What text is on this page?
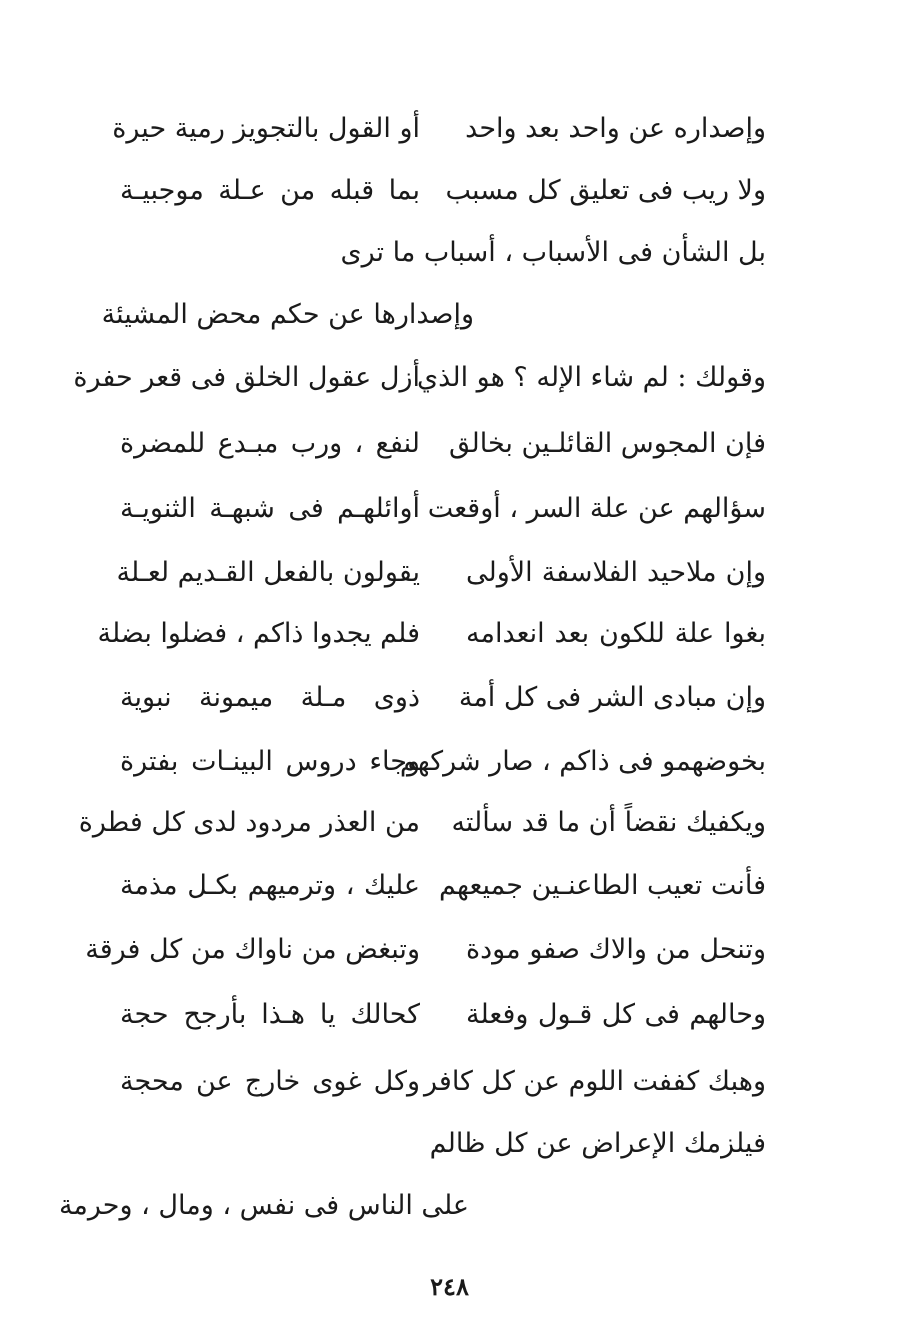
وإصداره عن واحد بعد واحد
أو القول بالتجويز رمية حيرة
ولا ريب فى تعليق كل مسبب
بما قبله من عـلة موجبيـة
بل الشأن فى الأسباب ، أسباب ما ترى
وإصدارها عن حكم محض المشيئة
وقولك : لم شاء الإله ؟ هو الذي
أزل عقول الخلق فى قعر حفرة
فإن المجوس القائلـين بخالق
لنفع ، ورب مبـدع للمضرة
سؤالهم عن علة السر ، أوقعت
أوائلهـم فى شبهـة الثنويـة
وإن ملاحيد الفلاسفة الأولى
يقولون بالفعل القـديم لعـلة
بغوا علة للكون بعد انعدامه
فلم يجدوا ذاكم ، فضلوا بضلة
وإن مبادى الشر فى كل أمة
ذوى مـلة ميمونة نبوية
بخوضهمو فى ذاكم ، صار شركهم
وجاء دروس البينـات بفترة
ويكفيك نقضاً أن ما قد سألته
من العذر مردود لدى كل فطرة
فأنت تعيب الطاعنـين جميعهم
عليك ، وترميهم بكـل مذمة
وتنحل من والاك صفو مودة
وتبغض من ناواك من كل فرقة
وحالهم فى كل قـول وفعلة
كحالك يا هـذا بأرجح حجة
وهبك كففت اللوم عن كل كافر
وكل غوى خارج عن محجة
فيلزمك الإعراض عن كل ظالم
على الناس فى نفس ، ومال ، وحرمة
٢٤٨
